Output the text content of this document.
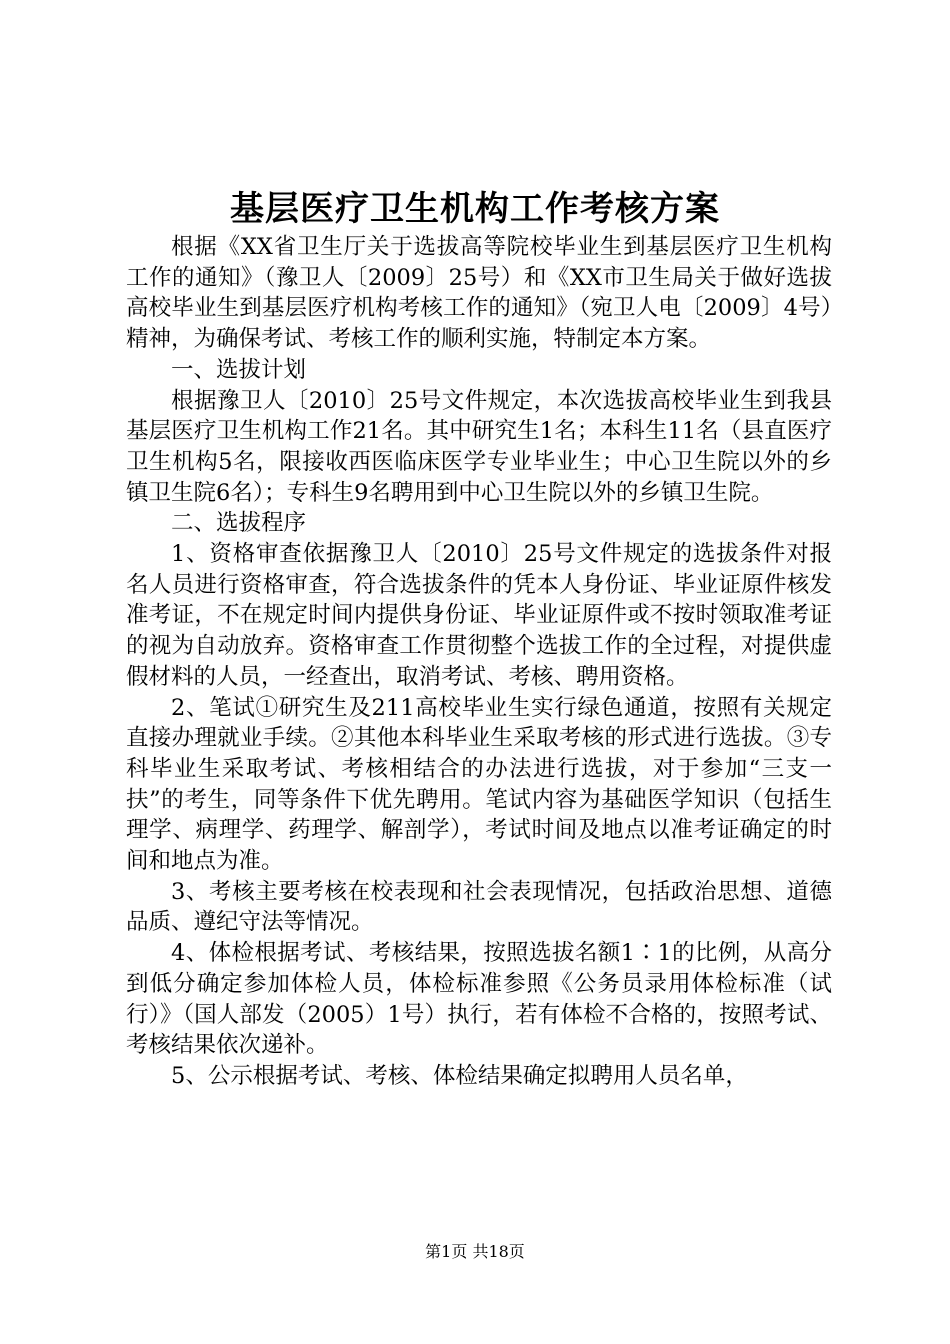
基层医疗卫生机构工作考核方案

根据《XX省卫生厅关于选拔高等院校毕业生到基层医疗卫生机构工作的通知》（豫卫人〔2009〕25号）和《XX市卫生局关于做好选拔高校毕业生到基层医疗机构考核工作的通知》（宛卫人电〔2009〕4号）精神，为确保考试、考核工作的顺利实施，特制定本方案。

一、选拔计划

根据豫卫人〔2010〕25号文件规定，本次选拔高校毕业生到我县基层医疗卫生机构工作21名。其中研究生1名；本科生11名（县直医疗卫生机构5名，限接收西医临床医学专业毕业生；中心卫生院以外的乡镇卫生院6名）；专科生9名聘用到中心卫生院以外的乡镇卫生院。

二、选拔程序

1、资格审查依据豫卫人〔2010〕25号文件规定的选拔条件对报名人员进行资格审查，符合选拔条件的凭本人身份证、毕业证原件核发准考证，不在规定时间内提供身份证、毕业证原件或不按时领取准考证的视为自动放弃。资格审查工作贯彻整个选拔工作的全过程，对提供虚假材料的人员，一经查出，取消考试、考核、聘用资格。

2、笔试①研究生及211高校毕业生实行绿色通道，按照有关规定直接办理就业手续。②其他本科毕业生采取考核的形式进行选拔。③专科毕业生采取考试、考核相结合的办法进行选拔，对于参加“三支一扶”的考生，同等条件下优先聘用。笔试内容为基础医学知识（包括生理学、病理学、药理学、解剖学），考试时间及地点以准考证确定的时间和地点为准。

3、考核主要考核在校表现和社会表现情况，包括政治思想、道德品质、遵纪守法等情况。

4、体检根据考试、考核结果，按照选拔名额1∶1的比例，从高分到低分确定参加体检人员，体检标准参照《公务员录用体检标准（试行）》（国人部发（2005）1号）执行，若有体检不合格的，按照考试、考核结果依次递补。

5、公示根据考试、考核、体检结果确定拟聘用人员名单，

第1页 共18页
